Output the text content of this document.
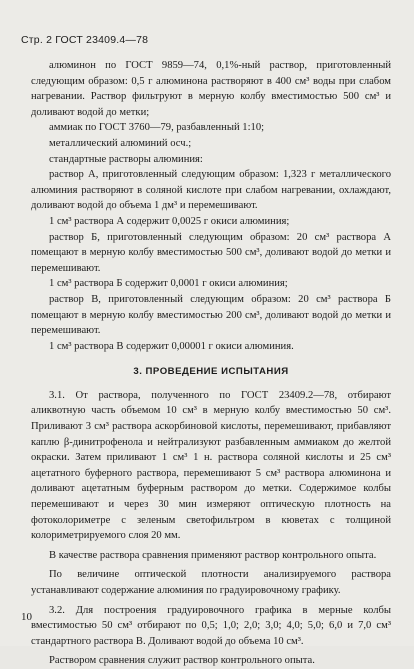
Стр. 2 ГОСТ 23409.4—78

алюминон по ГОСТ 9859—74, 0,1%-ный раствор, приготовленный следующим образом: 0,5 г алюминона растворяют в 400 см³ воды при слабом нагревании. Раствор фильтруют в мерную колбу вместимостью 500 см³ и доливают водой до метки;

аммиак по ГОСТ 3760—79, разбавленный 1:10;

металлический алюминий осч.;

стандартные растворы алюминия:

раствор А, приготовленный следующим образом: 1,323 г металлического алюминия растворяют в соляной кислоте при слабом нагревании, охлаждают, доливают водой до объема 1 дм³ и перемешивают.

1 см³ раствора А содержит 0,0025 г окиси алюминия;

раствор Б, приготовленный следующим образом: 20 см³ раствора А помещают в мерную колбу вместимостью 500 см³, доливают водой до метки и перемешивают.

1 см³ раствора Б содержит 0,0001 г окиси алюминия;

раствор В, приготовленный следующим образом: 20 см³ раствора Б помещают в мерную колбу вместимостью 200 см³, доливают водой до метки и перемешивают.

1 см³ раствора В содержит 0,00001 г окиси алюминия.

3. ПРОВЕДЕНИЕ ИСПЫТАНИЯ

3.1. От раствора, полученного по ГОСТ 23409.2—78, отбирают аликвотную часть объемом 10 см³ в мерную колбу вместимостью 50 см³. Приливают 3 см³ раствора аскорбиновой кислоты, перемешивают, прибавляют каплю β-динитрофенола и нейтрализуют разбавленным аммиаком до желтой окраски. Затем приливают 1 см³ 1 н. раствора соляной кислоты и 25 см³ ацетатного буферного раствора, перемешивают 5 см³ раствора алюминона и доливают ацетатным буферным раствором до метки. Содержимое колбы перемешивают и через 30 мин измеряют оптическую плотность на фотоколориметре с зеленым светофильтром в кюветах с толщиной колориметрируемого слоя 20 мм.

В качестве раствора сравнения применяют раствор контрольного опыта.

По величине оптической плотности анализируемого раствора устанавливают содержание алюминия по градуировочному графику.

3.2. Для построения градуировочного графика в мерные колбы вместимостью 50 см³ отбирают по 0,5; 1,0; 2,0; 3,0; 4,0; 5,0; 6,0 и 7,0 см³ стандартного раствора В. Доливают водой до объема 10 см³.

Раствором сравнения служит раствор контрольного опыта.

10
